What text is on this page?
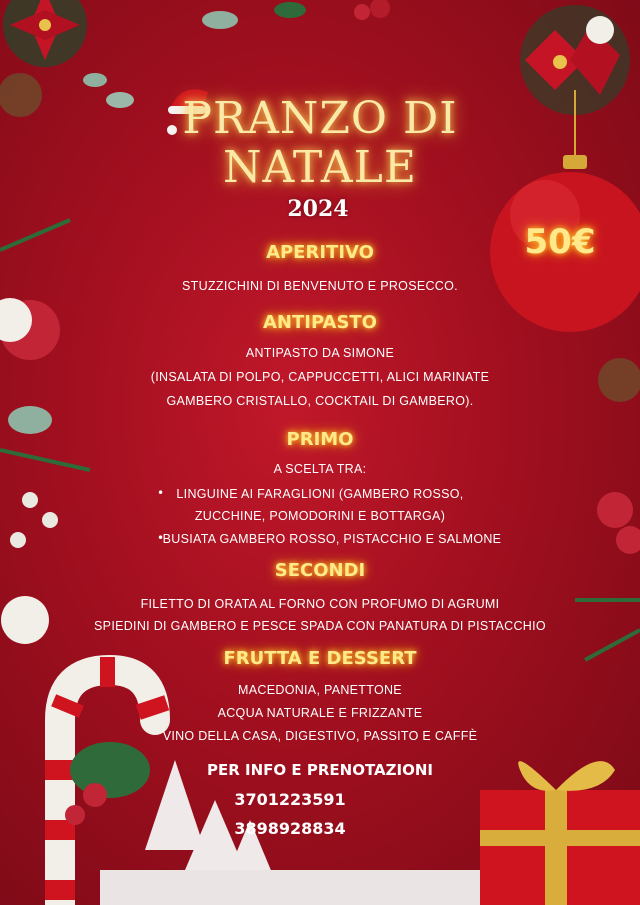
PRANZO DI
NATALE
2024
50€
APERITIVO
STUZZICHINI DI BENVENUTO E PROSECCO.
ANTIPASTO
ANTIPASTO DA SIMONE
(INSALATA DI POLPO, CAPPUCCETTI, ALICI MARINATE
GAMBERO CRISTALLO, COCKTAIL DI GAMBERO).
PRIMO
A SCELTA TRA:
• LINGUINE AI FARAGLIONI (GAMBERO ROSSO,
ZUCCHINE, POMODORINI E BOTTARGA)
•
BUSIATA GAMBERO ROSSO, PISTACCHIO E SALMONE
SECONDI
FILETTO DI ORATA AL FORNO CON PROFUMO DI AGRUMI
SPIEDINI DI GAMBERO E PESCE SPADA CON PANATURA DI PISTACCHIO
FRUTTA E DESSERT
MACEDONIA, PANETTONE
ACQUA NATURALE E FRIZZANTE
VINO DELLA CASA, DIGESTIVO, PASSITO E CAFFÈ
PER INFO E PRENOTAZIONI
3701223591
3898928834
